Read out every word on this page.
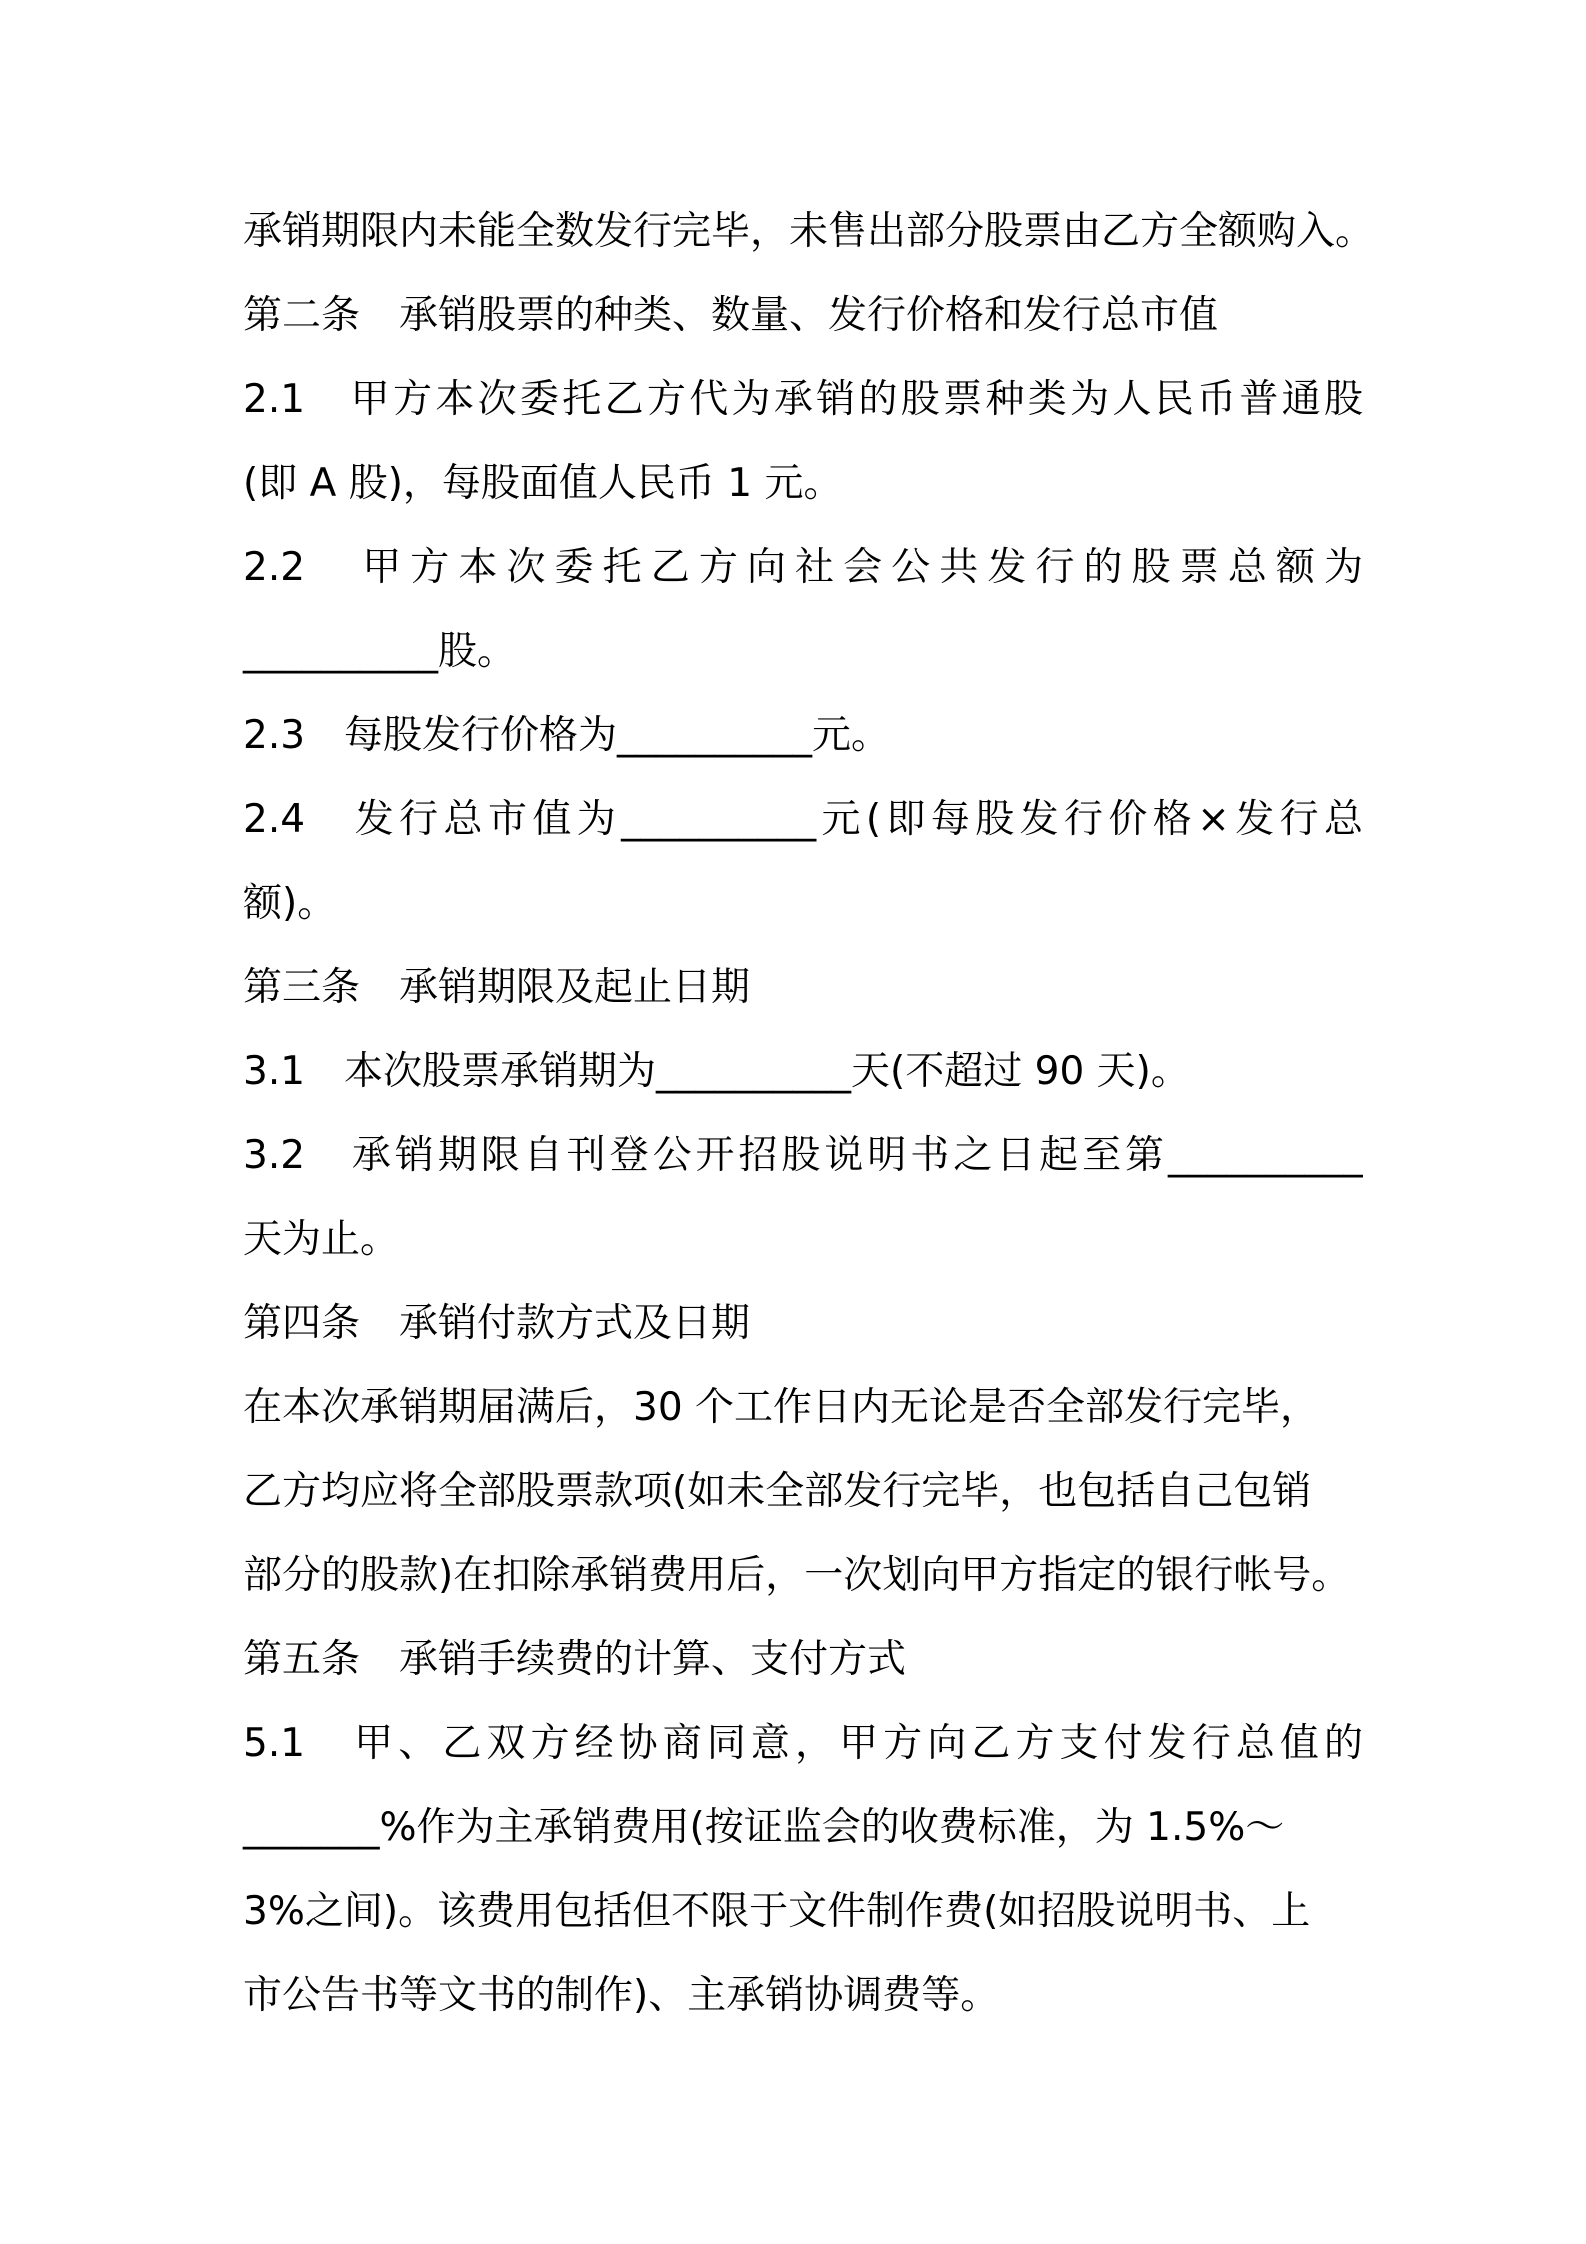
承销期限内未能全数发行完毕，未售出部分股票由乙方全额购入。
第二条　承销股票的种类、数量、发行价格和发行总市值
2.1　甲方本次委托乙方代为承销的股票种类为人民币普通股
(即 A 股)，每股面值人民币 1 元。
2.2　甲方本次委托乙方向社会公共发行的股票总额为
__________股。
2.3　每股发行价格为__________元。
2.4　发行总市值为__________元(即每股发行价格×发行总
额)。
第三条　承销期限及起止日期
3.1　本次股票承销期为__________天(不超过 90 天)。
3.2　承销期限自刊登公开招股说明书之日起至第__________
天为止。
第四条　承销付款方式及日期
在本次承销期届满后，30 个工作日内无论是否全部发行完毕，
乙方均应将全部股票款项(如未全部发行完毕，也包括自己包销
部分的股款)在扣除承销费用后，一次划向甲方指定的银行帐号。
第五条　承销手续费的计算、支付方式
5.1　甲、乙双方经协商同意，甲方向乙方支付发行总值的
_______%作为主承销费用(按证监会的收费标准，为 1.5%～
3%之间)。该费用包括但不限于文件制作费(如招股说明书、上
市公告书等文书的制作)、主承销协调费等。
